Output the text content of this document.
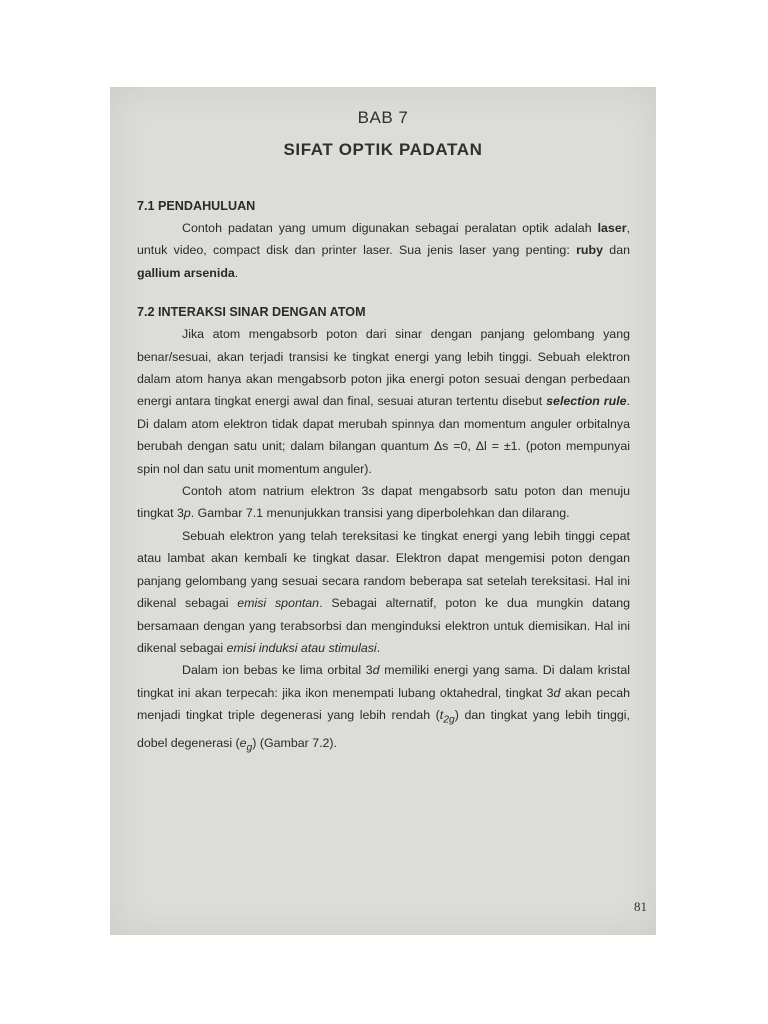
BAB 7
SIFAT OPTIK PADATAN
7.1 PENDAHULUAN

Contoh padatan yang umum digunakan sebagai peralatan optik adalah laser, untuk video, compact disk dan printer laser. Sua jenis laser yang penting: ruby dan gallium arsenida.

7.2 INTERAKSI SINAR DENGAN ATOM

Jika atom mengabsorb poton dari sinar dengan panjang gelombang yang benar/sesuai, akan terjadi transisi ke tingkat energi yang lebih tinggi. Sebuah elektron dalam atom hanya akan mengabsorb poton jika energi poton sesuai dengan perbedaan energi antara tingkat energi awal dan final, sesuai aturan tertentu disebut selection rule. Di dalam atom elektron tidak dapat merubah spinnya dan momentum anguler orbitalnya berubah dengan satu unit; dalam bilangan quantum Δs =0, Δl = ±1. (poton mempunyai spin nol dan satu unit momentum anguler).

Contoh atom natrium elektron 3s dapat mengabsorb satu poton dan menuju tingkat 3p. Gambar 7.1 menunjukkan transisi yang diperbolehkan dan dilarang.

Sebuah elektron yang telah tereksitasi ke tingkat energi yang lebih tinggi cepat atau lambat akan kembali ke tingkat dasar. Elektron dapat mengemisi poton dengan panjang gelombang yang sesuai secara random beberapa sat setelah tereksitasi. Hal ini dikenal sebagai emisi spontan. Sebagai alternatif, poton ke dua mungkin datang bersamaan dengan yang terabsorbsi dan menginduksi elektron untuk diemisikan. Hal ini dikenal sebagai emisi induksi atau stimulasi.

Dalam ion bebas ke lima orbital 3d memiliki energi yang sama. Di dalam kristal tingkat ini akan terpecah: jika ikon menempati lubang oktahedral, tingkat 3d akan pecah menjadi tingkat triple degenerasi yang lebih rendah $(t_{2g})$ dan tingkat yang lebih tinggi, dobel degenerasi $(e_g)$ (Gambar 7.2).

81
